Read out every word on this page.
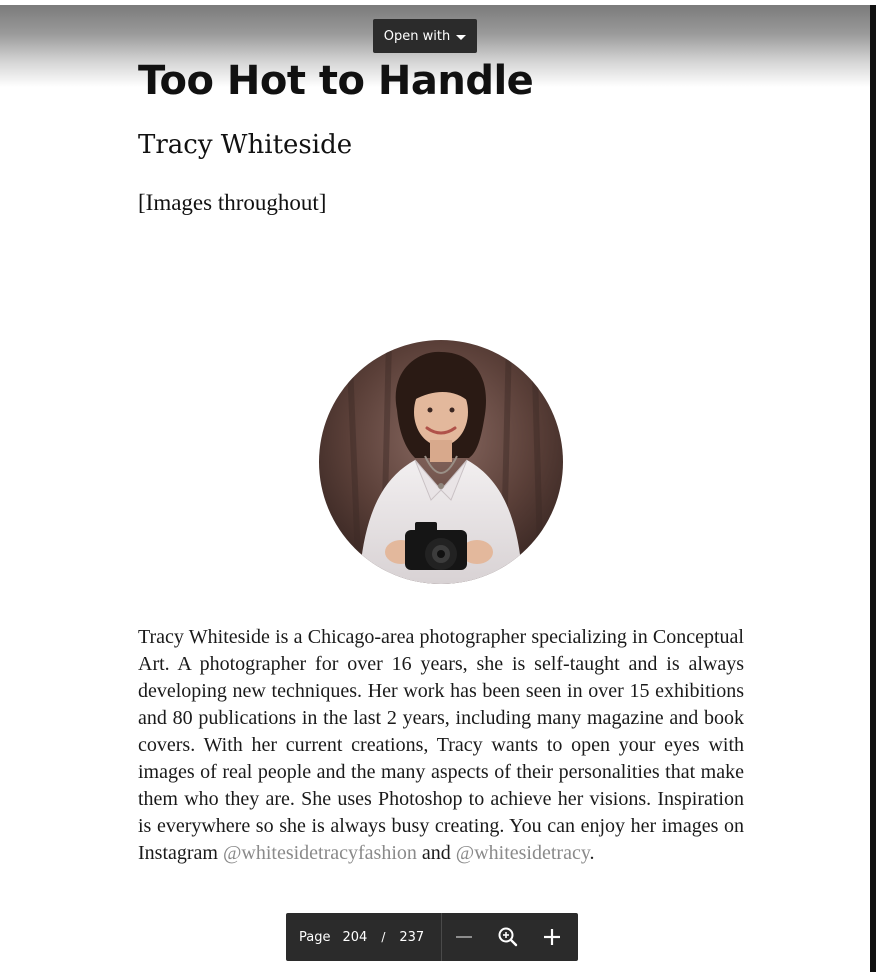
Open with
Too Hot to Handle
Tracy Whiteside
[Images throughout]

Tracy Whiteside is a Chicago-area photographer specializing in Conceptual Art. A photographer for over 16 years, she is self-taught and is always developing new techniques. Her work has been seen in over 15 exhibitions and 80 publications in the last 2 years, including many magazine and book covers. With her current creations, Tracy wants to open your eyes with images of real people and the many aspects of their personalities that make them who they are. She uses Photoshop to achieve her visions. Inspiration is everywhere so she is always busy creating. You can enjoy her images on Instagram @whitesidetracyfashion and @whitesidetracy.

Page 204 / 237
